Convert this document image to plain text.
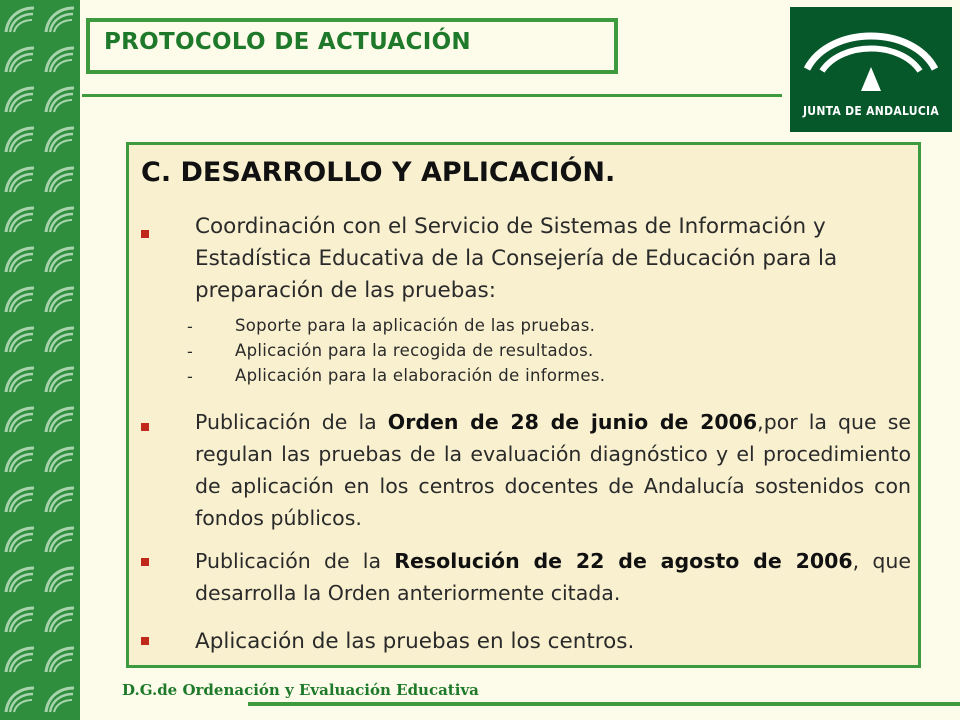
PROTOCOLO DE ACTUACIÓN
JUNTA DE ANDALUCIA
C. DESARROLLO Y APLICACIÓN.
Coordinación con el Servicio de Sistemas de Información y Estadística Educativa de la Consejería de Educación para la preparación de las pruebas:
-	Soporte para la aplicación de las pruebas.
-	Aplicación para la recogida de resultados.
-	Aplicación para la elaboración de informes.
Publicación de la Orden de 28 de junio de 2006,por la que se regulan las pruebas de la evaluación diagnóstico y el procedimiento de aplicación en los centros docentes de Andalucía sostenidos con fondos públicos.
Publicación de la Resolución de 22 de agosto de 2006, que desarrolla la Orden anteriormente citada.
Aplicación de las pruebas en los centros.
D.G.de Ordenación y Evaluación Educativa
